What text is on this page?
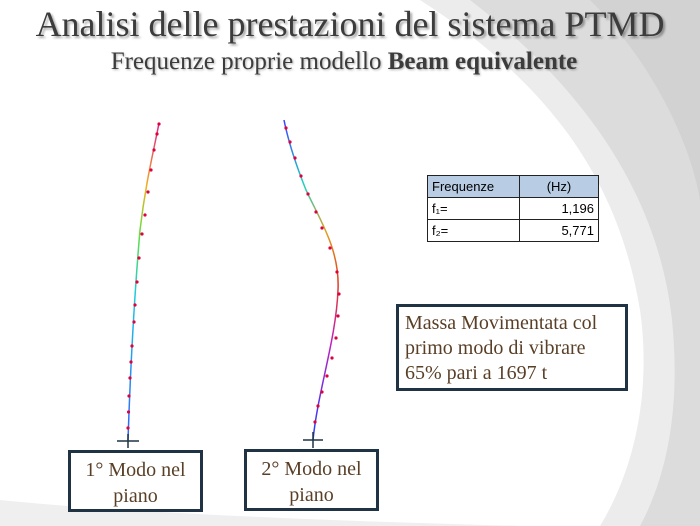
Analisi delle prestazioni del sistema PTMD
Frequenze proprie modello Beam equivalente
Frequenze	(Hz)
f₁=	1,196
f₂=	5,771
Massa Movimentata col primo modo di vibrare 65% pari a 1697 t
1° Modo nel piano
2° Modo nel piano
